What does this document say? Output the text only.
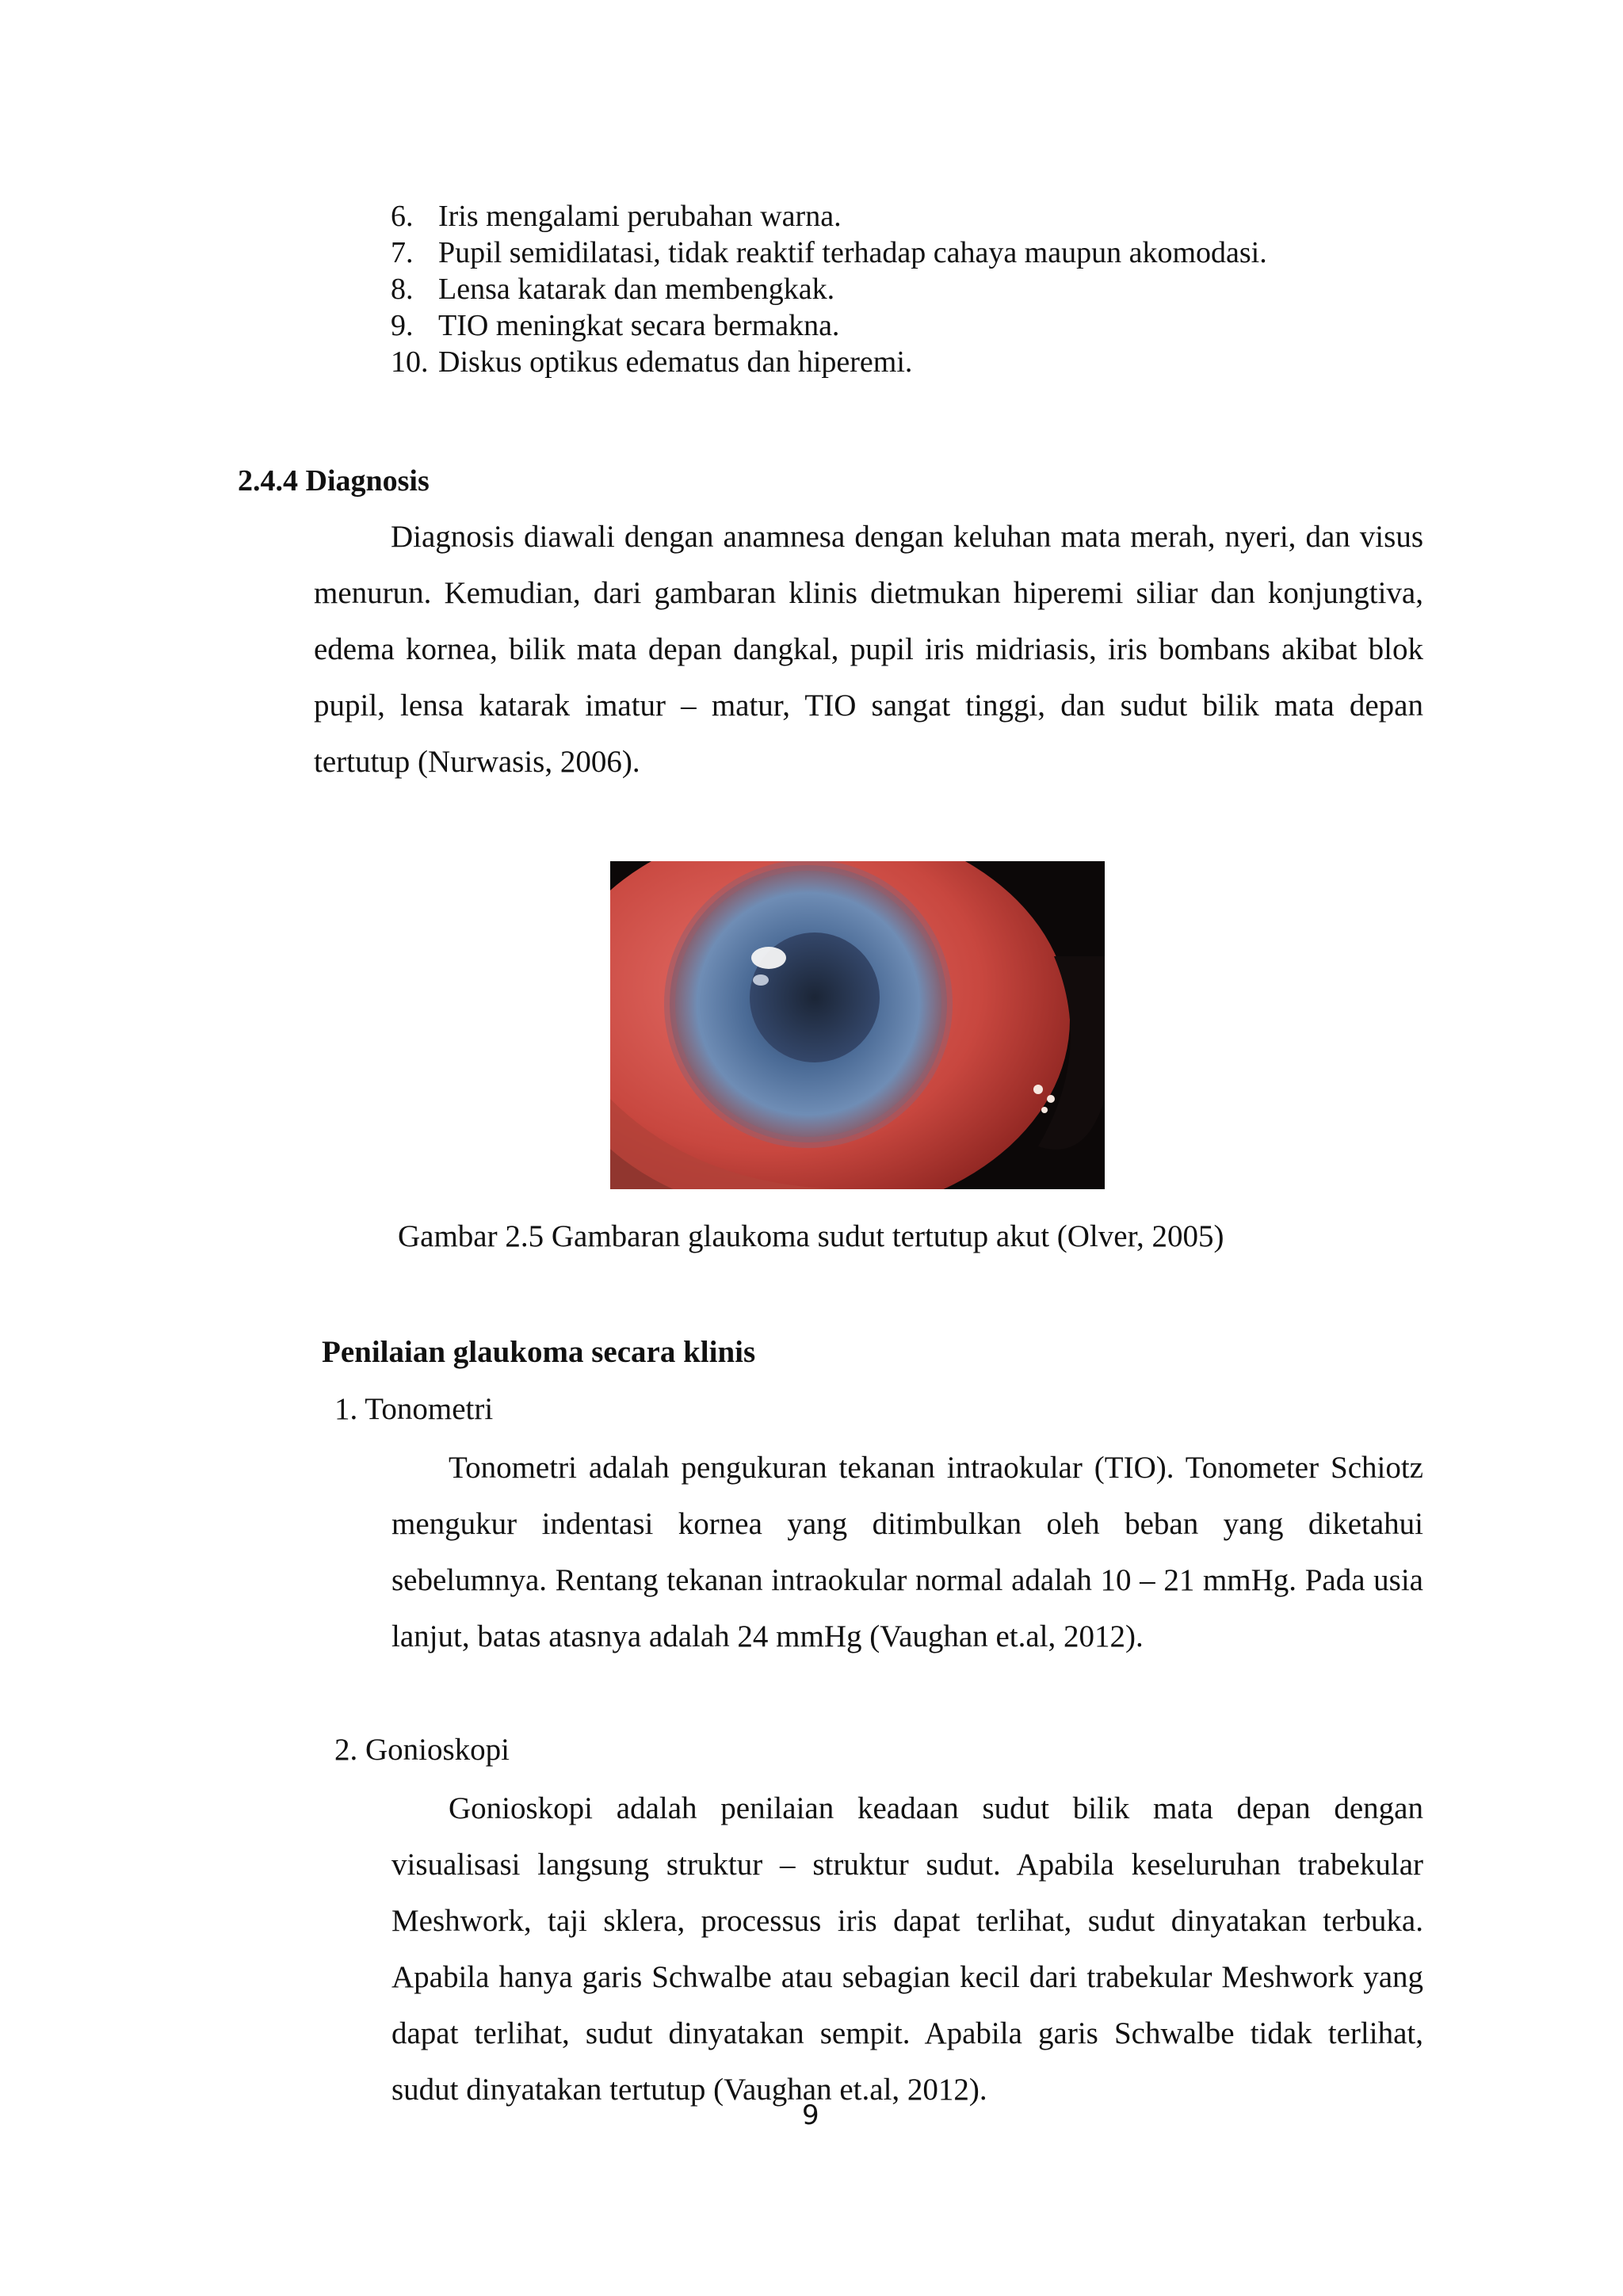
6. Iris mengalami perubahan warna.
7. Pupil semidilatasi, tidak reaktif terhadap cahaya maupun akomodasi.
8. Lensa katarak dan membengkak.
9. TIO meningkat secara bermakna.
10. Diskus optikus edematus dan hiperemi.
2.4.4 Diagnosis
Diagnosis diawali dengan anamnesa dengan keluhan mata merah, nyeri, dan visus menurun. Kemudian, dari gambaran klinis dietmukan hiperemi siliar dan konjungtiva, edema kornea, bilik mata depan dangkal, pupil iris midriasis, iris bombans akibat blok pupil, lensa katarak imatur – matur, TIO sangat tinggi, dan sudut bilik mata depan tertutup (Nurwasis, 2006).
Gambar 2.5 Gambaran glaukoma sudut tertutup akut (Olver, 2005)
Penilaian glaukoma secara klinis
1. Tonometri
Tonometri adalah pengukuran tekanan intraokular (TIO). Tonometer Schiotz mengukur indentasi kornea yang ditimbulkan oleh beban yang diketahui sebelumnya. Rentang tekanan intraokular normal adalah 10 – 21 mmHg. Pada usia lanjut, batas atasnya adalah 24 mmHg (Vaughan et.al, 2012).
2. Gonioskopi
Gonioskopi adalah penilaian keadaan sudut bilik mata depan dengan visualisasi langsung struktur – struktur sudut. Apabila keseluruhan trabekular Meshwork, taji sklera, processus iris dapat terlihat, sudut dinyatakan terbuka. Apabila hanya garis Schwalbe atau sebagian kecil dari trabekular Meshwork yang dapat terlihat, sudut dinyatakan sempit. Apabila garis Schwalbe tidak terlihat, sudut dinyatakan tertutup (Vaughan et.al, 2012).
9
